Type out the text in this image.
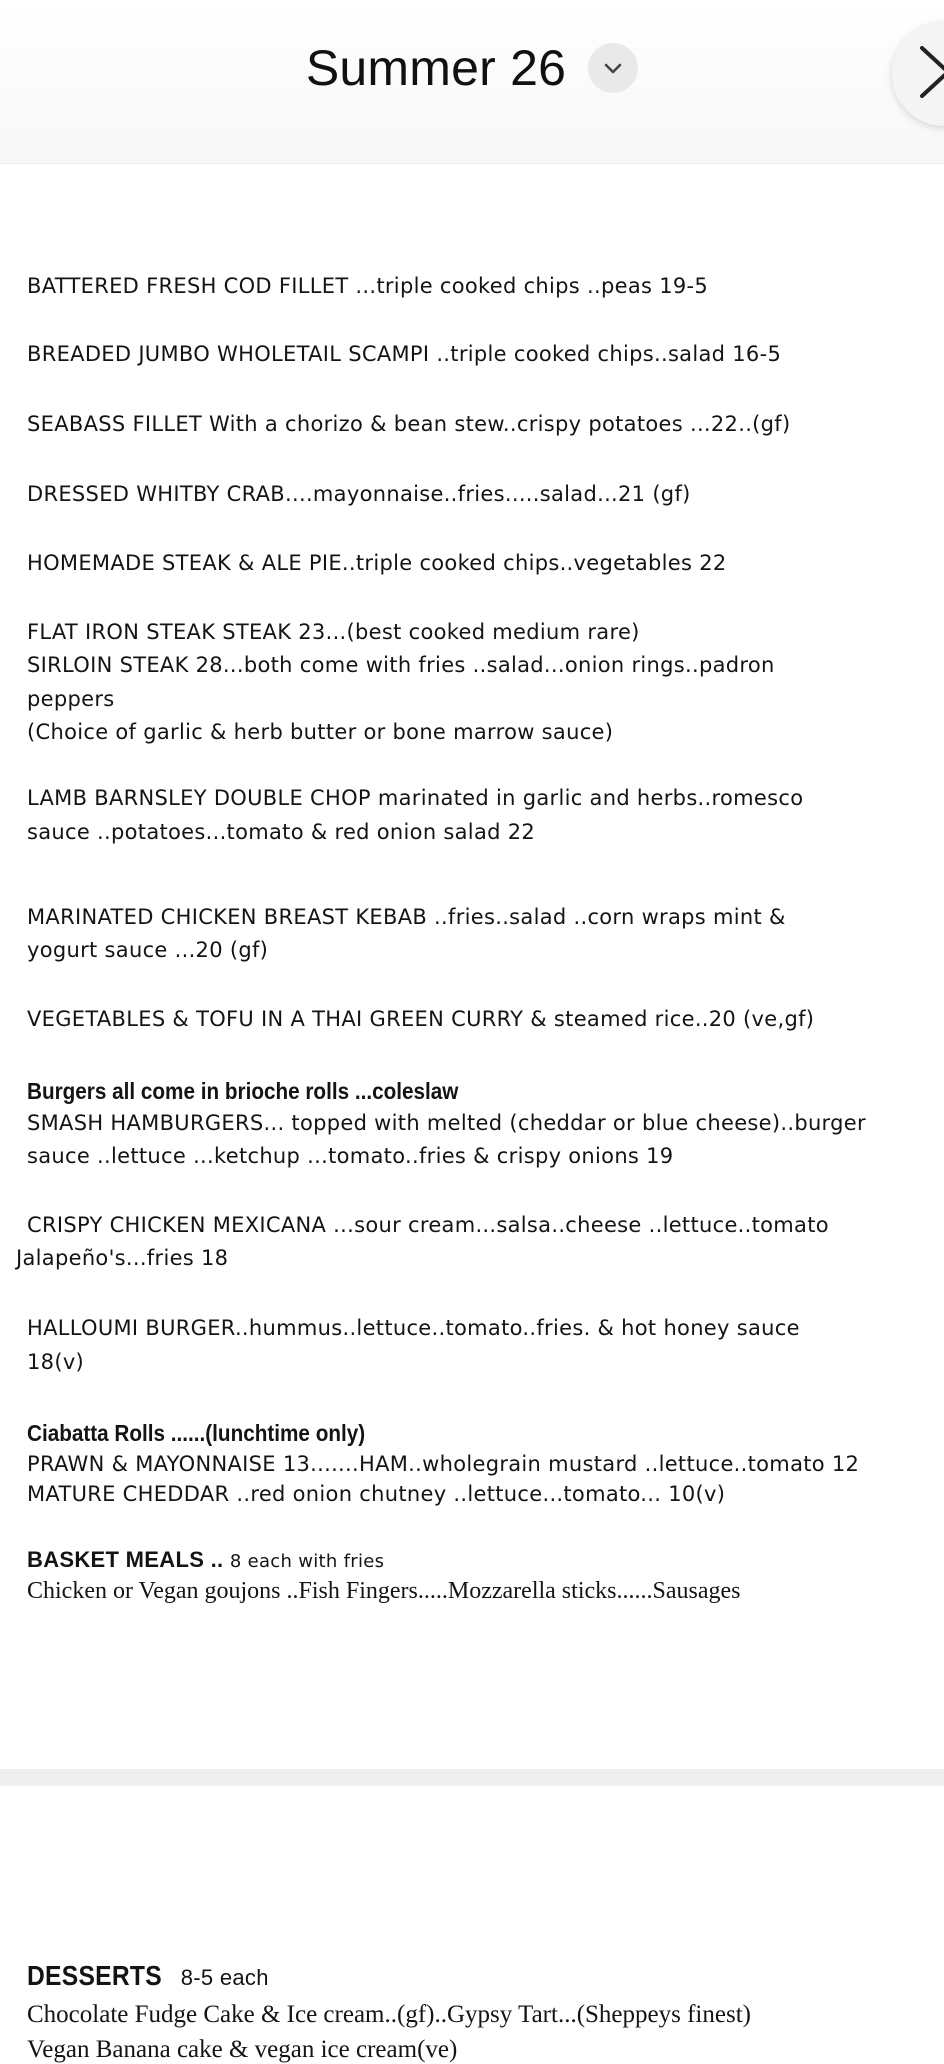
Summer 26
BATTERED FRESH COD FILLET ...triple cooked chips ..peas 19-5
BREADED JUMBO WHOLETAIL SCAMPI ..triple cooked chips..salad 16-5
SEABASS FILLET With a chorizo & bean stew..crispy potatoes ...22..(gf)
DRESSED WHITBY CRAB....mayonnaise..fries.....salad...21 (gf)
HOMEMADE STEAK & ALE PIE..triple cooked chips..vegetables 22
FLAT IRON STEAK STEAK 23...(best cooked medium rare)
SIRLOIN STEAK 28...both come with fries ..salad...onion rings..padron
peppers
(Choice of garlic & herb butter or bone marrow sauce)
LAMB BARNSLEY DOUBLE CHOP marinated in garlic and herbs..romesco
sauce ..potatoes...tomato & red onion salad 22
MARINATED CHICKEN BREAST KEBAB ..fries..salad ..corn wraps mint &
yogurt sauce ...20 (gf)
VEGETABLES & TOFU IN A THAI GREEN CURRY & steamed rice..20 (ve,gf)
Burgers all come in brioche rolls ...coleslaw
SMASH HAMBURGERS... topped with melted (cheddar or blue cheese)..burger
sauce ..lettuce ...ketchup ...tomato..fries & crispy onions 19
CRISPY CHICKEN MEXICANA ...sour cream...salsa..cheese ..lettuce..tomato
Jalapeño's...fries 18
HALLOUMI BURGER..hummus..lettuce..tomato..fries. & hot honey sauce
18(v)
Ciabatta Rolls ......(lunchtime only)
PRAWN & MAYONNAISE 13.......HAM..wholegrain mustard ..lettuce..tomato 12
MATURE CHEDDAR ..red onion chutney ..lettuce...tomato... 10(v)
BASKET MEALS .. 8 each with fries
Chicken or Vegan goujons ..Fish Fingers.....Mozzarella sticks......Sausages
DESSERTS 8-5 each
Chocolate Fudge Cake & Ice cream..(gf)..Gypsy Tart...(Sheppeys finest)
Vegan Banana cake & vegan ice cream(ve)
